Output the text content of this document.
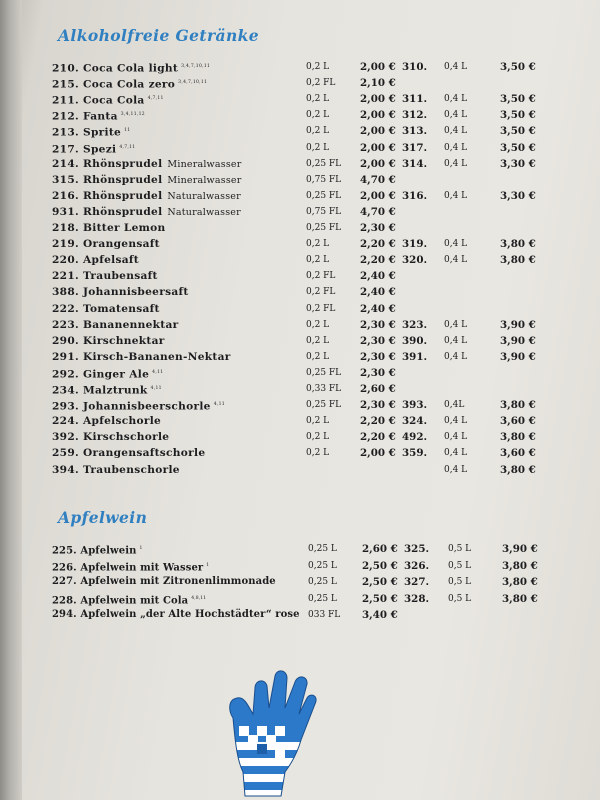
Alkoholfreie Getränke
210. Coca Cola light $^{3,4,7,10,11}$	0,2 L	2,00 € 310. 0,4 L	3,50 €
215. Coca Cola zero $^{3,4,7,10,11}$	0,2 FL 2,10 €
211. Coca Cola $^{4,7,11}$	0,2 L	2,00 € 311. 0,4 L	3,50 €
212. Fanta $^{3,4,11,12}$	0,2 L	2,00 € 312. 0,4 L	3,50 €
213. Sprite $^{11}$	0,2 L	2,00 € 313. 0,4 L	3,50 €
217. Spezi $^{4,7,11}$	0,2 L	2,00 € 317. 0,4 L	3,50 €
214. Rhönsprudel Mineralwasser	0,25 FL 2,00 € 314. 0,4 L	3,30 €
315. Rhönsprudel Mineralwasser	0,75 FL 4,70 €
216. Rhönsprudel Naturalwasser	0,25 FL 2,00 € 316. 0,4 L	3,30 €
931. Rhönsprudel Naturalwasser	0,75 FL 4,70 €
218. Bitter Lemon	0,25 FL 2,30 €
219. Orangensaft	0,2 L	2,20 € 319. 0,4 L	3,80 €
220. Apfelsaft	0,2 L	2,20 € 320. 0,4 L	3,80 €
221. Traubensaft	0,2 FL 2,40 €
388. Johannisbeersaft	0,2 FL 2,40 €
222. Tomatensaft	0,2 FL 2,40 €
223. Bananennektar	0,2 L	2,30 € 323. 0,4 L	3,90 €
290. Kirschnektar	0,2 L	2,30 € 390. 0,4 L	3,90 €
291. Kirsch-Bananen-Nektar	0,2 L	2,30 € 391. 0,4 L	3,90 €
292. Ginger Ale $^{4,11}$	0,25 FL 2,30 €
234. Malztrunk $^{4,11}$	0,33 FL 2,60 €
293. Johannisbeerschorle $^{4,11}$	0,25 FL 2,30 € 393. 0,4L	3,80 €
224. Apfelschorle	0,2 L	2,20 € 324. 0,4 L	3,60 €
392. Kirschschorle	0,2 L	2,20 € 492. 0,4 L	3,80 €
259. Orangensaftschorle	0,2 L	2,00 € 359. 0,4 L	3,60 €
394. Traubenschorle	0,4 L	3,80 €
Apfelwein
225. Apfelwein $^1$	0,25 L 2,60 € 325. 0,5 L	3,90 €
226. Apfelwein mit Wasser $^1$	0,25 L 2,50 € 326. 0,5 L	3,80 €
227. Apfelwein mit Zitronenlimmonade	0,25 L 2,50 € 327. 0,5 L	3,80 €
228. Apfelwein mit Cola $^{4,8,11}$	0,25 L 2,50 € 328. 0,5 L	3,80 €
294. Apfelwein „der Alte Hochstädter“ rose 033 FL 3,40 €
